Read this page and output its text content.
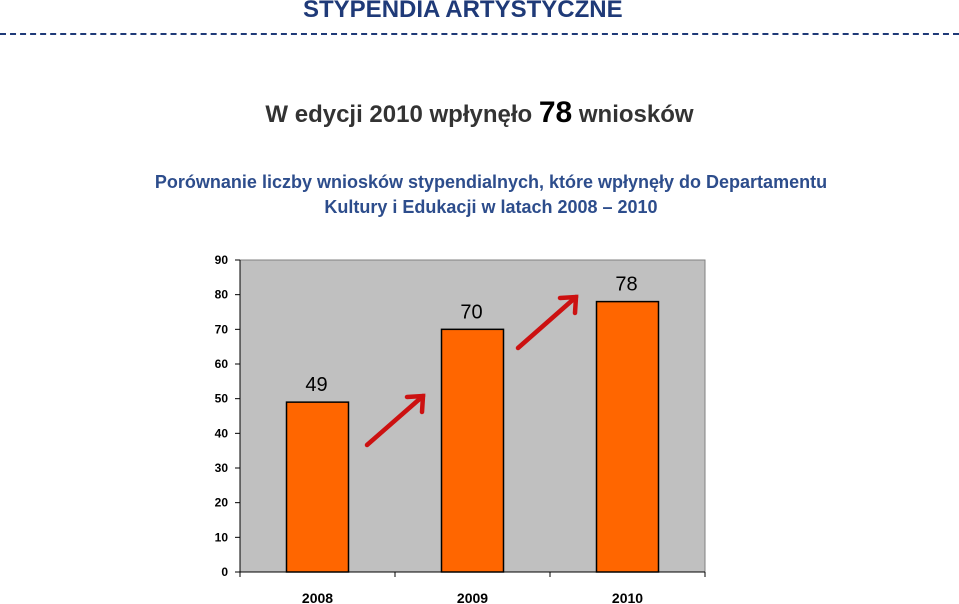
STYPENDIA ARTYSTYCZNE
W edycji 2010 wpłynęło 78 wniosków
Porównanie liczby wniosków stypendialnych, które wpłynęły do Departamentu
Kultury i Edukacji w latach 2008 – 2010
0
10
20
30
40
50
60
70
80
90
49
2008
70
2009
78
2010
